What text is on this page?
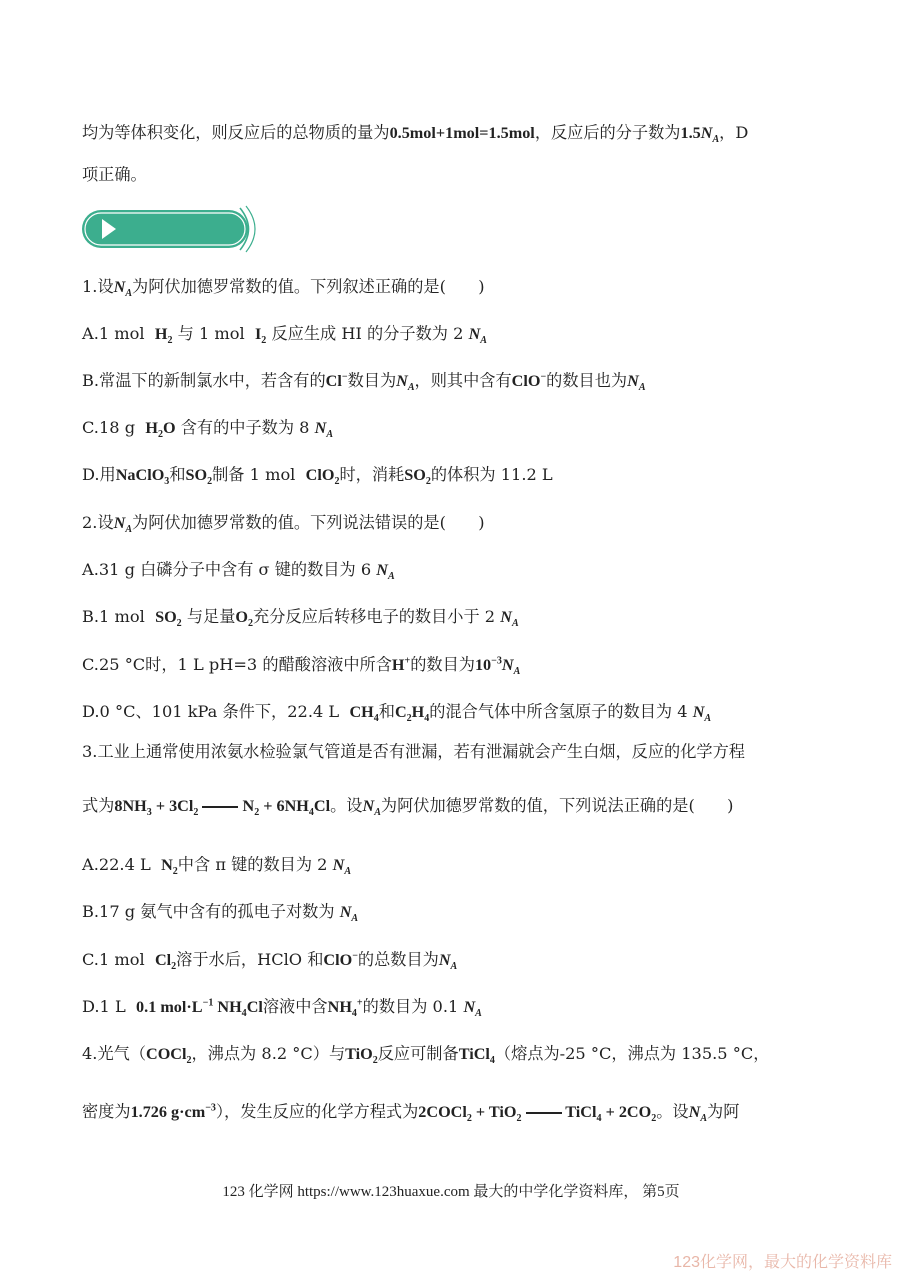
均为等体积变化，则反应后的总物质的量为0.5mol+1mol=1.5mol，反应后的分子数为$1.5N_A$，D
项正确。
1.设$N_A$为阿伏加德罗常数的值。下列叙述正确的是(　　)
A.1 mol $H_2$ 与 1 mol $I_2$ 反应生成 HI 的分子数为 2 $N_A$
B.常温下的新制氯水中，若含有的Cl−数目为$N_A$，则其中含有ClO−的数目也为$N_A$
C.18 g $H_2O$ 含有的中子数为 8 $N_A$
D.用NaClO$_3$和$SO_2$制备 1 mol ClO$_2$时，消耗$SO_2$的体积为 11.2 L
2.设$N_A$为阿伏加德罗常数的值。下列说法错误的是(　　)
A.31 g 白磷分子中含有 σ 键的数目为 6 $N_A$
B.1 mol $SO_2$ 与足量$O_2$充分反应后转移电子的数目小于 2 $N_A$
C.25 °C时，1 L pH=3 的醋酸溶液中所含H+的数目为$10^{-3}N_A$
D.0 °C、101 kPa 条件下，22.4 L $CH_4$和$C_2H_4$的混合气体中所含氢原子的数目为 4 $N_A$
3.工业上通常使用浓氨水检验氯气管道是否有泄漏，若有泄漏就会产生白烟，反应的化学方程
式为$8NH_3 + 3Cl_2$  $N_2 + 6NH_4Cl$。设$N_A$为阿伏加德罗常数的值，下列说法正确的是(　　)
A.22.4 L $N_2$中含 π 键的数目为 2 $N_A$
B.17 g 氨气中含有的孤电子对数为 $N_A$
C.1 mol $Cl_2$溶于水后，HClO 和ClO−的总数目为$N_A$
D.1 L 0.1 $mol\cdot L^{-1}$ $NH_4Cl$溶液中含$NH_4^+$的数目为 0.1 $N_A$
4.光气（COCl$_2$，沸点为 8.2 °C）与TiO$_2$反应可制备TiCl$_4$（熔点为-25 °C，沸点为 135.5 °C，
密度为1.726 $g\cdot cm^{-3}$），发生反应的化学方程式为2COCl$_2$ + TiO$_2$  TiCl$_4$ + $2CO_2$。设$N_A$为阿
123 化学网 https://www.123huaxue.com 最大的中学化学资料库， 第5页
123化学网，最大的化学资料库
